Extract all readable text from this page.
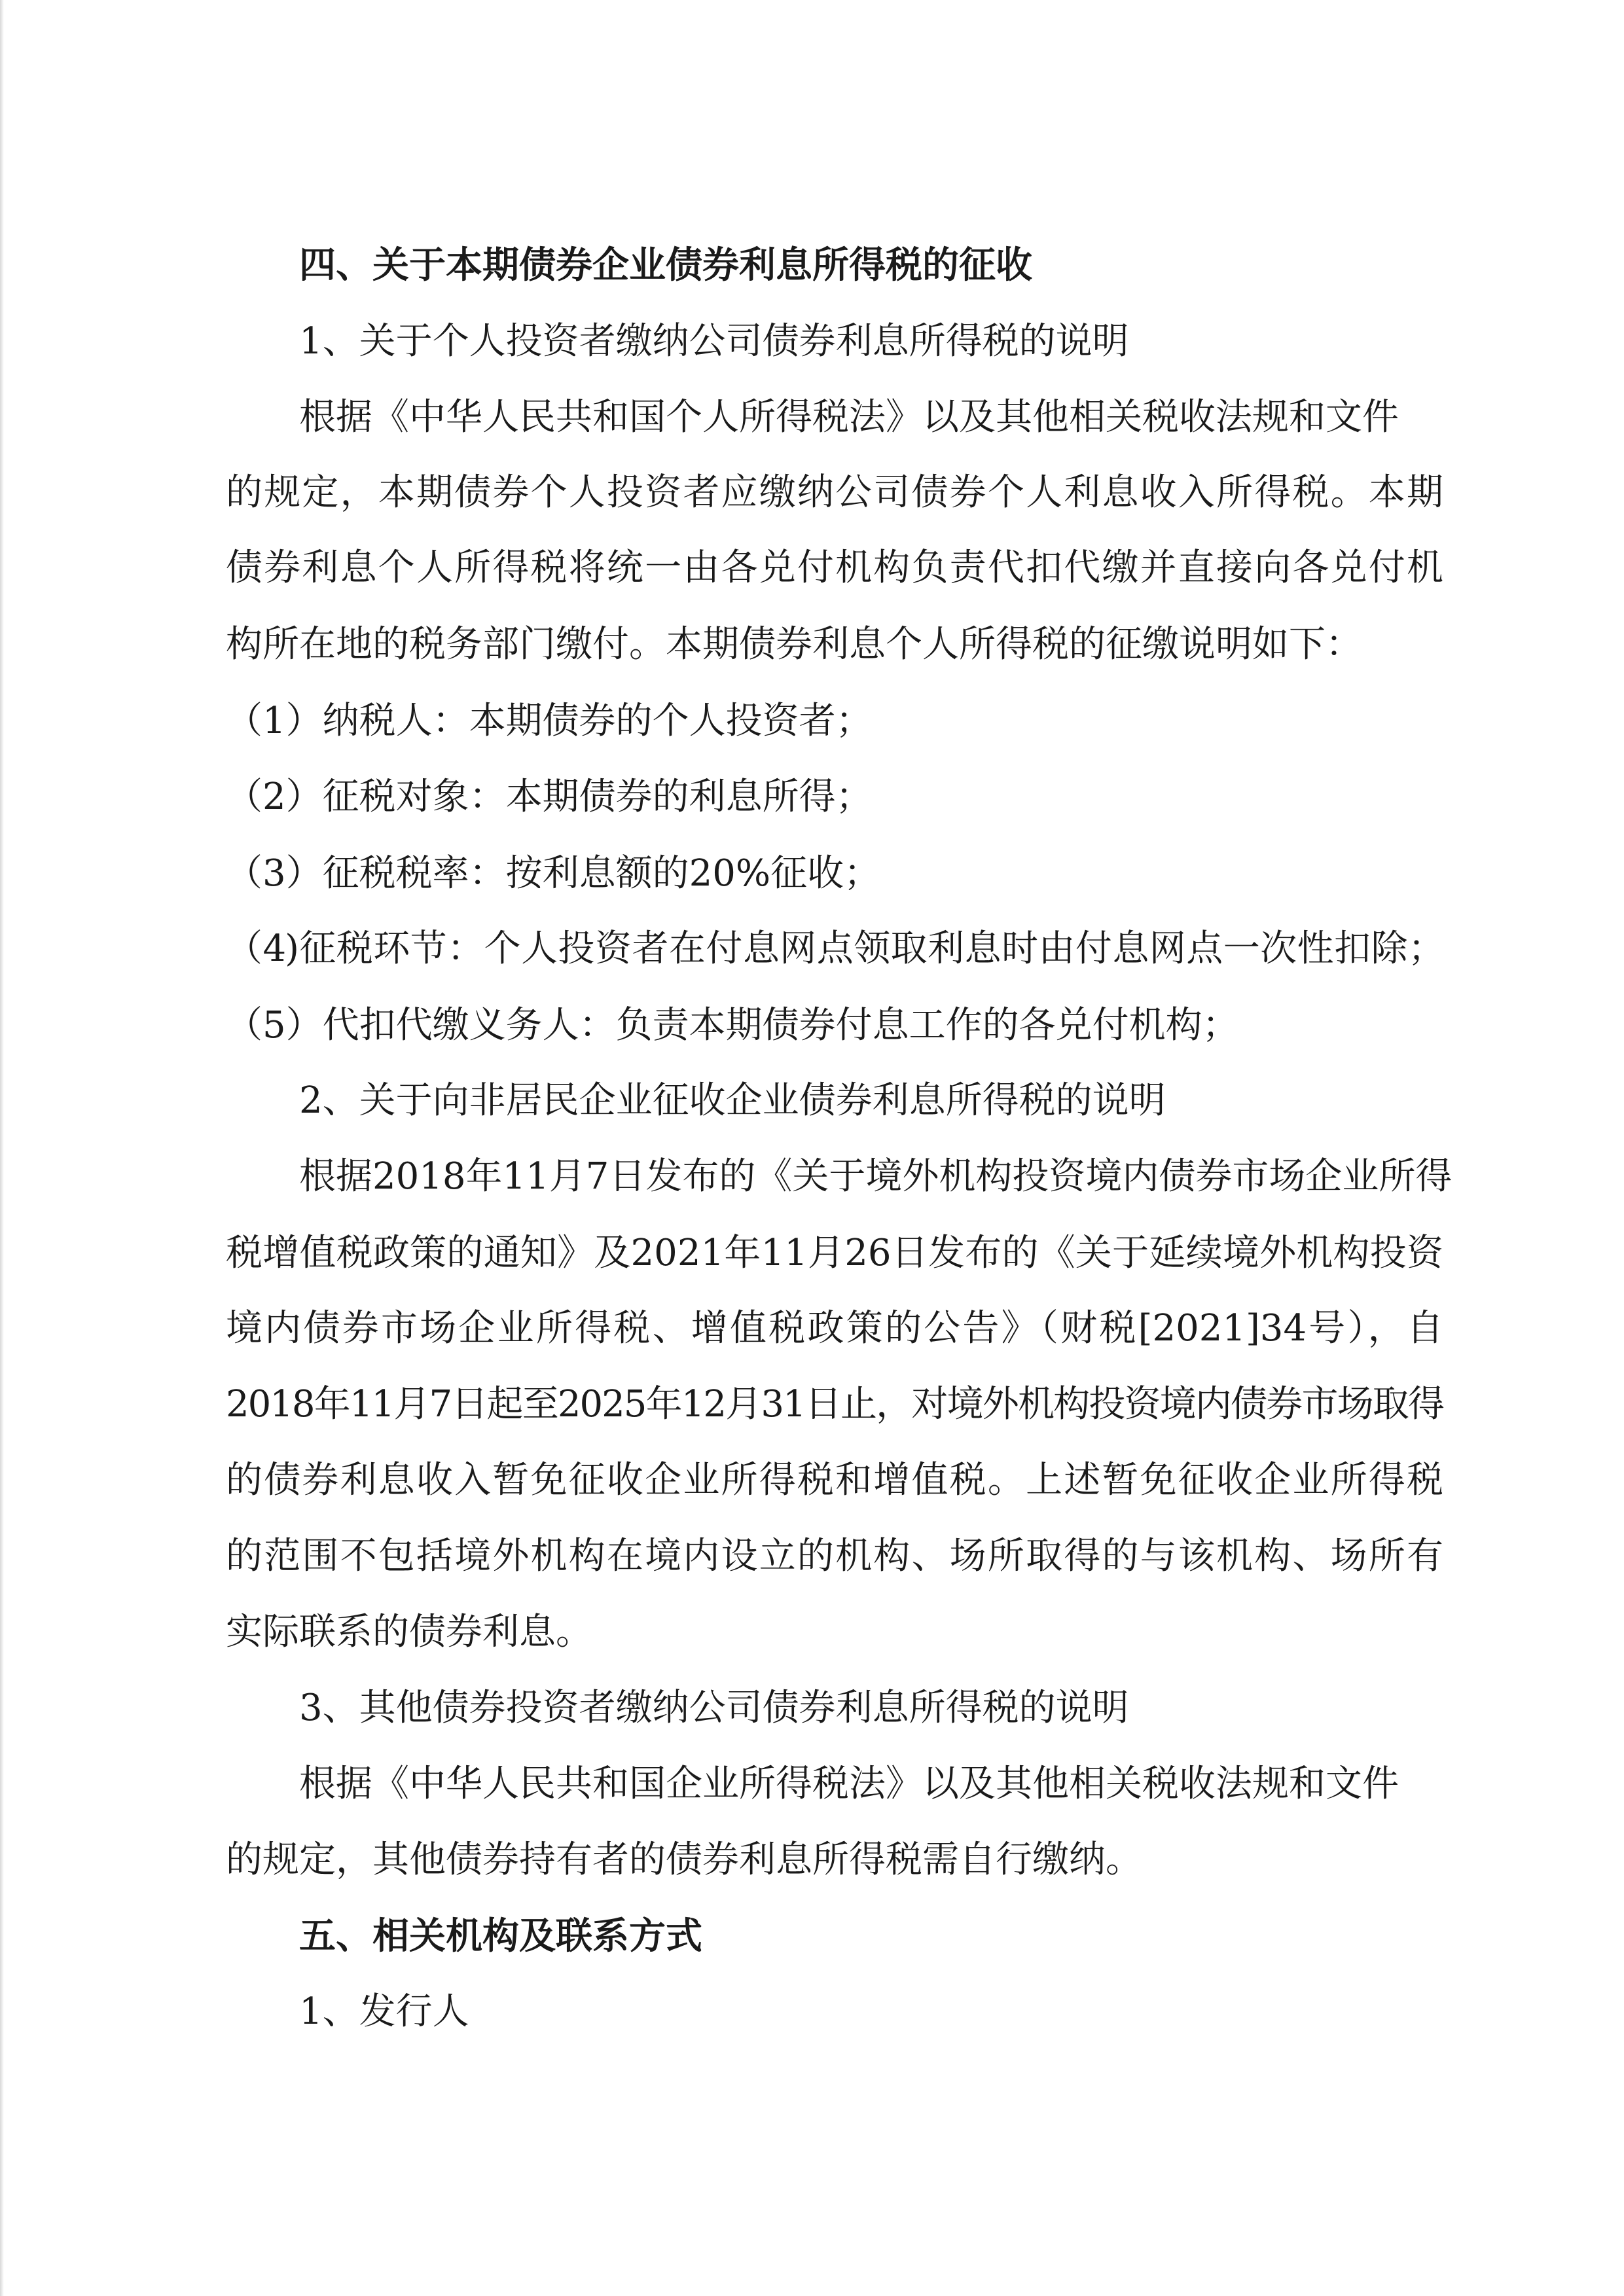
四、关于本期债券企业债券利息所得税的征收
1、关于个人投资者缴纳公司债券利息所得税的说明
根据《中华人民共和国个人所得税法》以及其他相关税收法规和文件
的规定，本期债券个人投资者应缴纳公司债券个人利息收入所得税。本期
债券利息个人所得税将统一由各兑付机构负责代扣代缴并直接向各兑付机
构所在地的税务部门缴付。本期债券利息个人所得税的征缴说明如下：
（1）纳税人：本期债券的个人投资者；
（2）征税对象：本期债券的利息所得；
（3）征税税率：按利息额的20%征收；
（4)征税环节：个人投资者在付息网点领取利息时由付息网点一次性扣除；
（5）代扣代缴义务人：负责本期债券付息工作的各兑付机构；
2、关于向非居民企业征收企业债券利息所得税的说明
根据2018年11月7日发布的《关于境外机构投资境内债券市场企业所得
税增值税政策的通知》及2021年11月26日发布的《关于延续境外机构投资
境内债券市场企业所得税、增值税政策的公告》（财税[2021]34号），自
2018年11月7日起至2025年12月31日止，对境外机构投资境内债券市场取得
的债券利息收入暂免征收企业所得税和增值税。上述暂免征收企业所得税
的范围不包括境外机构在境内设立的机构、场所取得的与该机构、场所有
实际联系的债券利息。
3、其他债券投资者缴纳公司债券利息所得税的说明
根据《中华人民共和国企业所得税法》以及其他相关税收法规和文件
的规定，其他债券持有者的债券利息所得税需自行缴纳。
五、相关机构及联系方式
1、发行人
